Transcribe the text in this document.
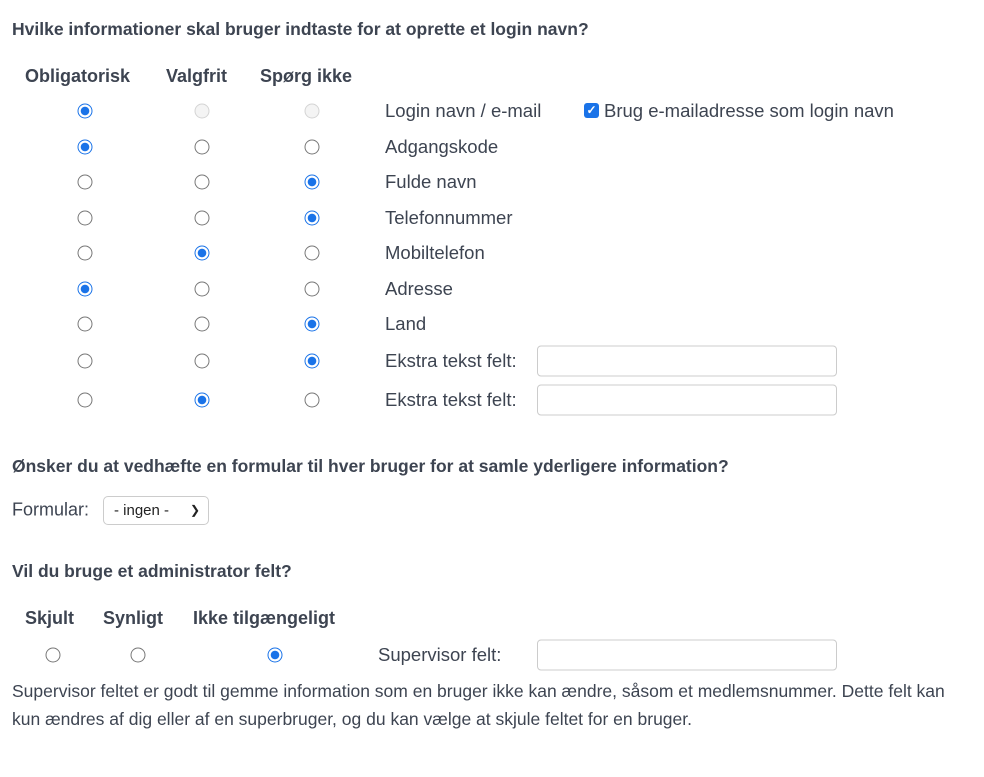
Hvilke informationer skal bruger indtaste for at oprette et login navn?
Obligatorisk Valgfrit Spørg ikke
Login navn / e-mail
Adgangskode
Fulde navn
Telefonnummer
Mobiltelefon
Adresse
Land
Ekstra tekst felt:
Ekstra tekst felt:
✓ Brug e-mailadresse som login navn
Ønsker du at vedhæfte en formular til hver bruger for at samle yderligere information?
Formular:	- ingen - ❯
Vil du bruge et administrator felt?
Skjult Synligt Ikke tilgængeligt
Supervisor felt:
Supervisor feltet er godt til gemme information som en bruger ikke kan ændre, såsom et medlemsnummer. Dette felt kan kun ændres af dig eller af en superbruger, og du kan vælge at skjule feltet for en bruger.
